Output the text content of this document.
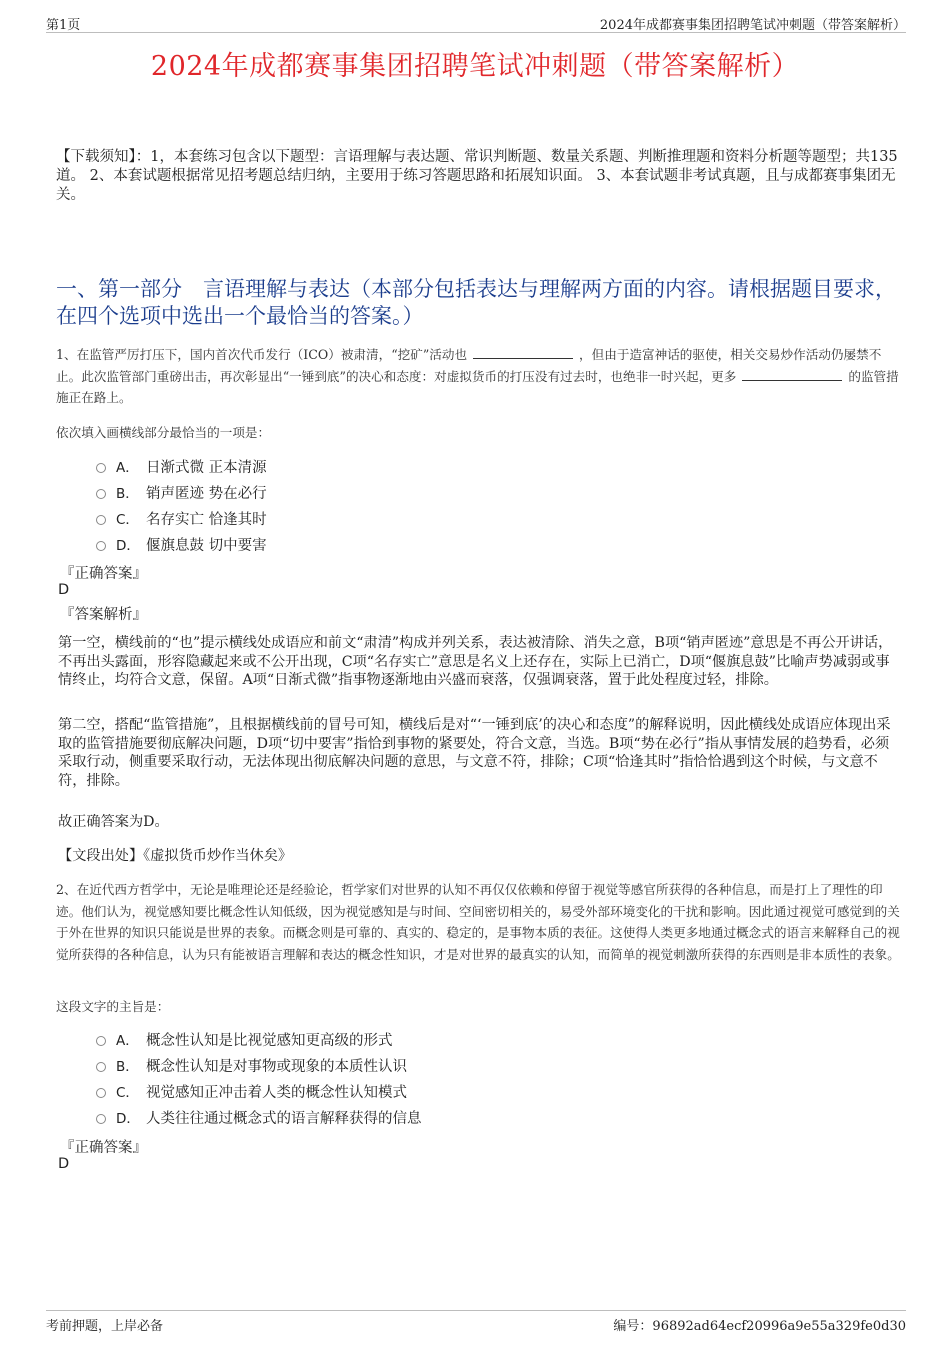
第1页	2024年成都赛事集团招聘笔试冲刺题（带答案解析）
2024年成都赛事集团招聘笔试冲刺题（带答案解析）
【下载须知】：1，本套练习包含以下题型：言语理解与表达题、常识判断题、数量关系题、判断推理题和资料分析题等题型；共135道。 2、本套试题根据常见招考题总结归纳，主要用于练习答题思路和拓展知识面。 3、本套试题非考试真题，且与成都赛事集团无关。
一、第一部分　言语理解与表达（本部分包括表达与理解两方面的内容。请根据题目要求，在四个选项中选出一个最恰当的答案。）
1、在监管严厉打压下，国内首次代币发行（ICO）被肃清，“挖矿”活动也	，但由于造富神话的驱使，相关交易炒作活动仍屡禁不止。此次监管部门重磅出击，再次彰显出“一锤到底”的决心和态度：对虚拟货币的打压没有过去时，也绝非一时兴起，更多	的监管措施正在路上。
依次填入画横线部分最恰当的一项是：
A． 日渐式微 正本清源
B． 销声匿迹 势在必行
C． 名存实亡 恰逢其时
D． 偃旗息鼓 切中要害
『正确答案』
D
『答案解析』
第一空，横线前的“也”提示横线处成语应和前文“肃清”构成并列关系，表达被清除、消失之意，B项“销声匿迹”意思是不再公开讲话，不再出头露面，形容隐藏起来或不公开出现，C项“名存实亡”意思是名义上还存在，实际上已消亡，D项“偃旗息鼓”比喻声势减弱或事情终止，均符合文意，保留。A项“日渐式微”指事物逐渐地由兴盛而衰落，仅强调衰落，置于此处程度过轻，排除。
第二空，搭配“监管措施”，且根据横线前的冒号可知，横线后是对“‘一锤到底’的决心和态度”的解释说明，因此横线处成语应体现出采取的监管措施要彻底解决问题，D项“切中要害”指恰到事物的紧要处，符合文意，当选。B项“势在必行”指从事情发展的趋势看，必须采取行动，侧重要采取行动，无法体现出彻底解决问题的意思，与文意不符，排除；C项“恰逢其时”指恰恰遇到这个时候，与文意不符，排除。
故正确答案为D。
【文段出处】《虚拟货币炒作当休矣》
2、在近代西方哲学中，无论是唯理论还是经验论，哲学家们对世界的认知不再仅仅依赖和停留于视觉等感官所获得的各种信息，而是打上了理性的印迹。他们认为，视觉感知要比概念性认知低级，因为视觉感知是与时间、空间密切相关的，易受外部环境变化的干扰和影响。因此通过视觉可感觉到的关于外在世界的知识只能说是世界的表象。而概念则是可靠的、真实的、稳定的，是事物本质的表征。这使得人类更多地通过概念式的语言来解释自己的视觉所获得的各种信息，认为只有能被语言理解和表达的概念性知识，才是对世界的最真实的认知，而简单的视觉刺激所获得的东西则是非本质性的表象。
这段文字的主旨是：
A． 概念性认知是比视觉感知更高级的形式
B． 概念性认知是对事物或现象的本质性认识
C． 视觉感知正冲击着人类的概念性认知模式
D． 人类往往通过概念式的语言解释获得的信息
『正确答案』
D
考前押题，上岸必备	编号：96892ad64ecf20996a9e55a329fe0d30
